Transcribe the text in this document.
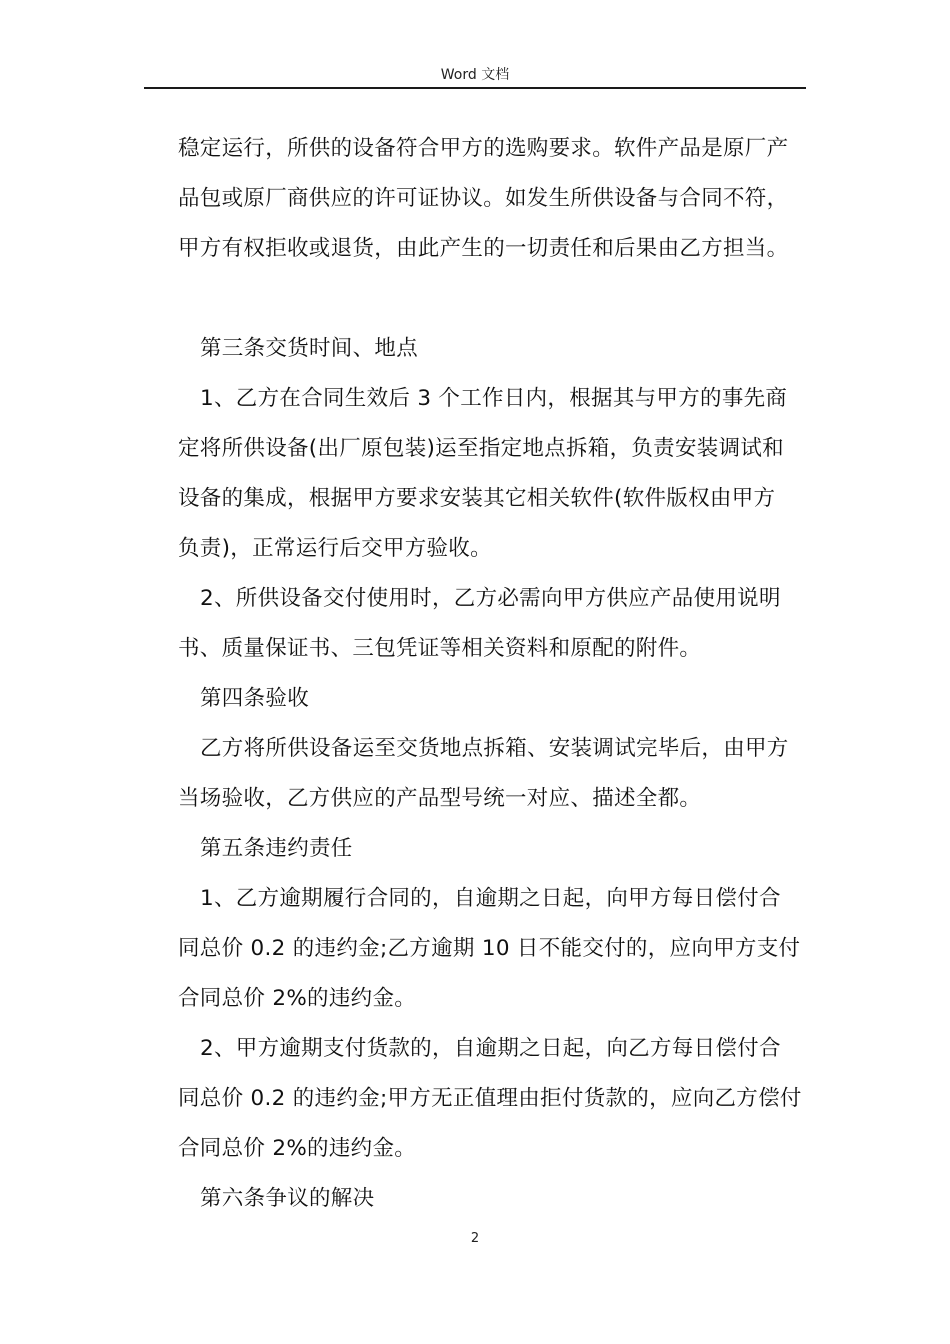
Word 文档
稳定运行，所供的设备符合甲方的选购要求。软件产品是原厂产
品包或原厂商供应的许可证协议。如发生所供设备与合同不符，
甲方有权拒收或退货，由此产生的一切责任和后果由乙方担当。
第三条交货时间、地点
1、乙方在合同生效后 3 个工作日内，根据其与甲方的事先商
定将所供设备(出厂原包装)运至指定地点拆箱，负责安装调试和
设备的集成，根据甲方要求安装其它相关软件(软件版权由甲方
负责)，正常运行后交甲方验收。
2、所供设备交付使用时，乙方必需向甲方供应产品使用说明
书、质量保证书、三包凭证等相关资料和原配的附件。
第四条验收
乙方将所供设备运至交货地点拆箱、安装调试完毕后，由甲方
当场验收，乙方供应的产品型号统一对应、描述全都。
第五条违约责任
1、乙方逾期履行合同的，自逾期之日起，向甲方每日偿付合
同总价 0.2 的违约金;乙方逾期 10 日不能交付的，应向甲方支付
合同总价 2%的违约金。
2、甲方逾期支付货款的，自逾期之日起，向乙方每日偿付合
同总价 0.2 的违约金;甲方无正值理由拒付货款的，应向乙方偿付
合同总价 2%的违约金。
第六条争议的解决
2
